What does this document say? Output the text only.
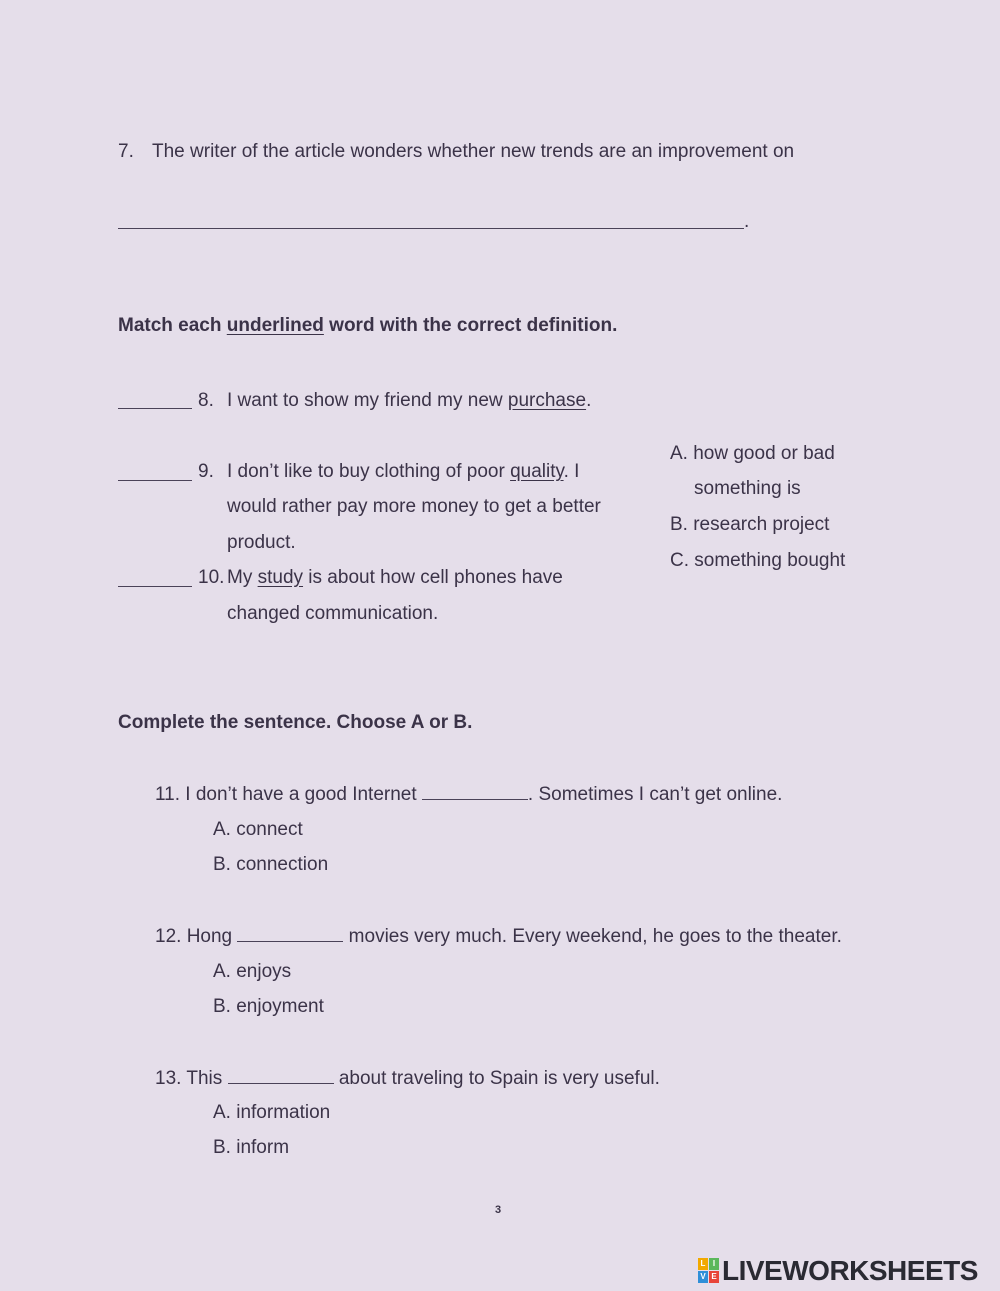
7. The writer of the article wonders whether new trends are an improvement on
.
Match each underlined word with the correct definition.
8. I want to show my friend my new purchase.
9. I don’t like to buy clothing of poor quality. I
would rather pay more money to get a better
product.
10. My study is about how cell phones have
changed communication.
A. how good or bad
something is
B. research project
C. something bought
Complete the sentence. Choose A or B.
11. I don’t have a good Internet	. Sometimes I can’t get online.
A. connect
B. connection
12. Hong	movies very much. Every weekend, he goes to the theater.
A. enjoys
B. enjoyment
13. This	about traveling to Spain is very useful.
A. information
B. inform
3
L I
V E LIVEWORKSHEETS
